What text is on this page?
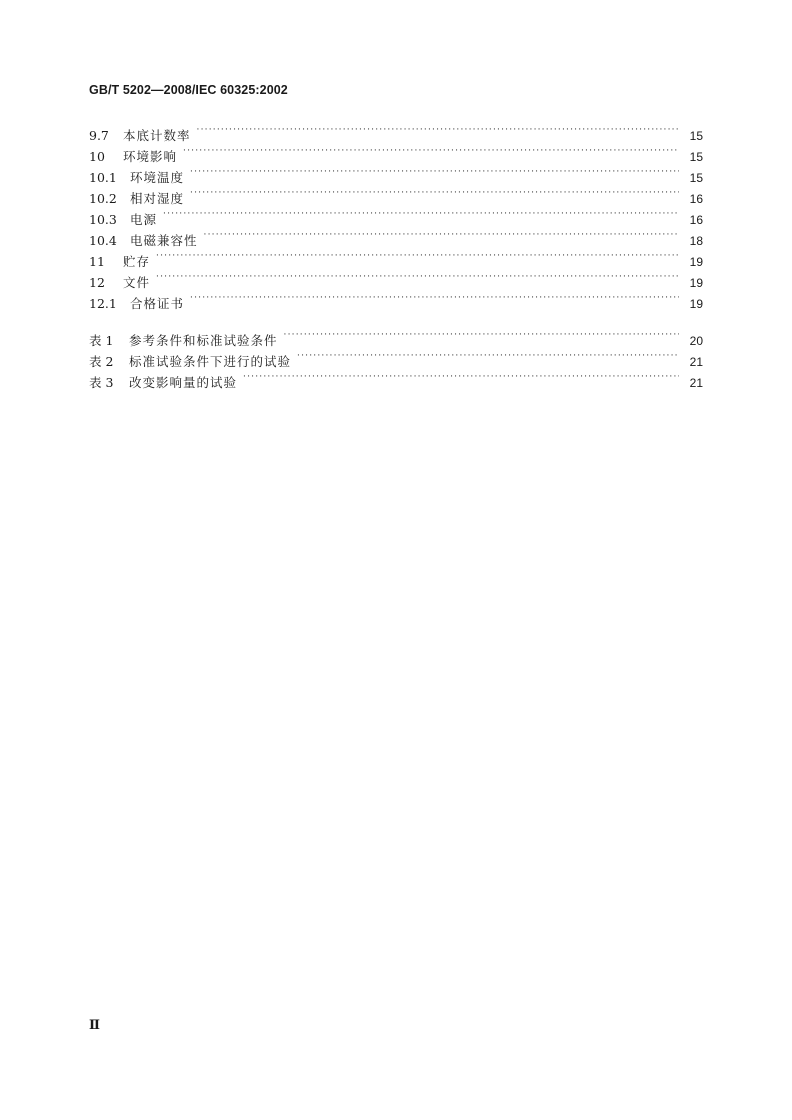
GB/T 5202—2008/IEC 60325:2002
9.7 本底计数率 ·····	15
10 环境影响 ·····	15
10.1 环境温度 ·····	15
10.2 相对湿度 ·····	16
10.3 电源 ·····	16
10.4 电磁兼容性 ·····	18
11 贮存 ·····	19
12 文件 ·····	19
12.1 合格证书 ·····	19
表 1 参考条件和标准试验条件 ·····	20
表 2 标准试验条件下进行的试验 ·····	21
表 3 改变影响量的试验 ·····	21
Ⅱ
